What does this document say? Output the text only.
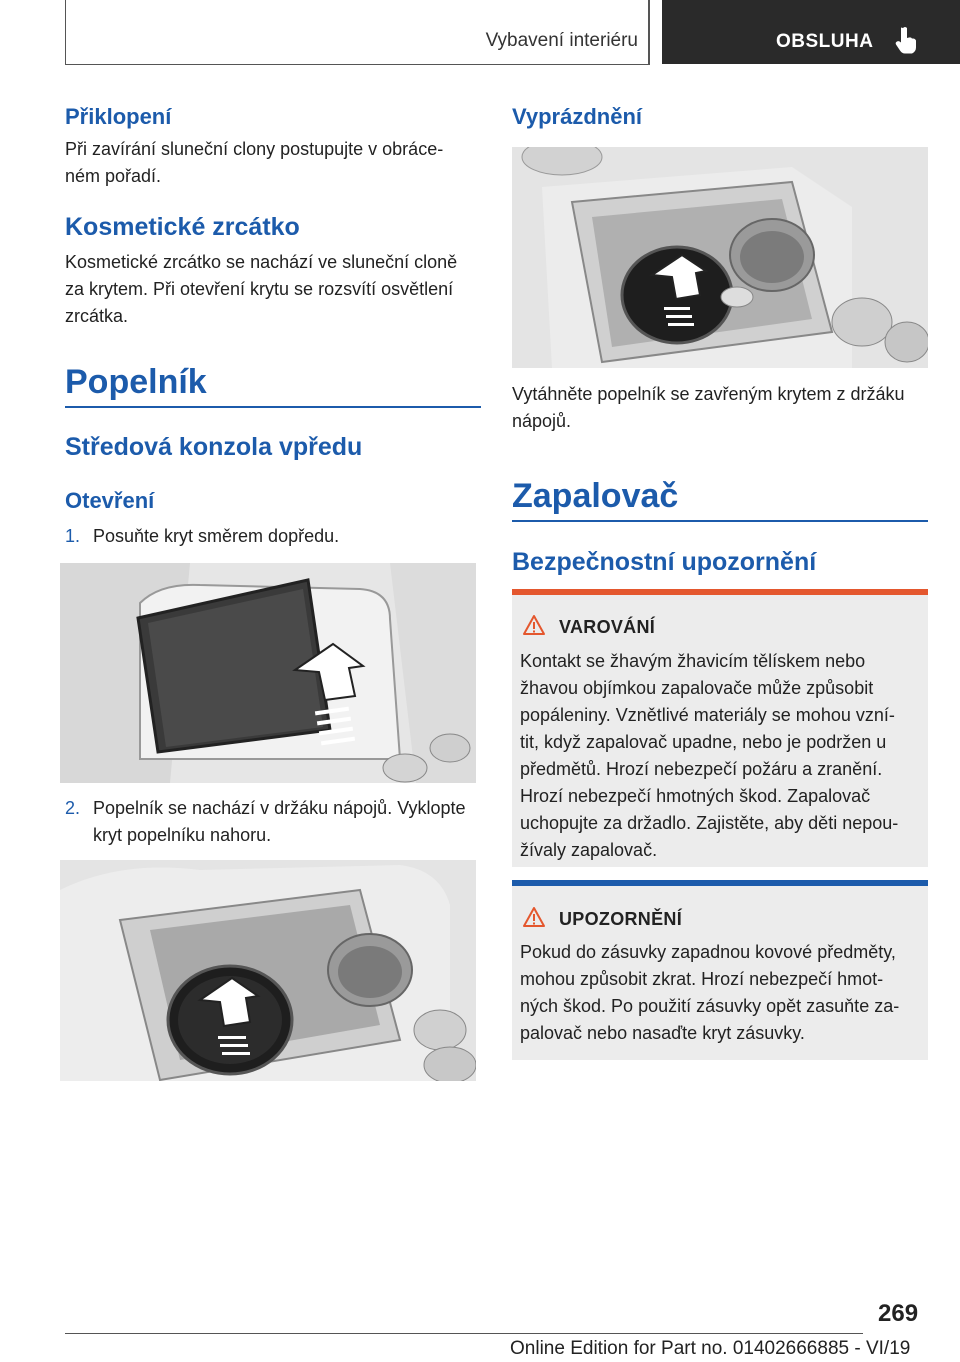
Vybavení interiéru	OBSLUHA
Přiklopení
Při zavírání sluneční clony postupujte v obráce-
ném pořadí.
Kosmetické zrcátko
Kosmetické zrcátko se nachází ve sluneční cloně
za krytem. Při otevření krytu se rozsvítí osvětlení
zrcátka.
Popelník
Středová konzola vpředu
Otevření
1. Posuňte kryt směrem dopředu.
2. Popelník se nachází v držáku nápojů. Vyklopte
kryt popelníku nahoru.
Vyprázdnění
Vytáhněte popelník se zavřeným krytem z držáku
nápojů.
Zapalovač
Bezpečnostní upozornění
VAROVÁNÍ
Kontakt se žhavým žhavicím tělískem nebo
žhavou objímkou zapalovače může způsobit
popáleniny. Vznětlivé materiály se mohou vzní-
tit, když zapalovač upadne, nebo je podržen u
předmětů. Hrozí nebezpečí požáru a zranění.
Hrozí nebezpečí hmotných škod. Zapalovač
uchopujte za držadlo. Zajistěte, aby děti nepou-
žívaly zapalovač.
UPOZORNĚNÍ
Pokud do zásuvky zapadnou kovové předměty,
mohou způsobit zkrat. Hrozí nebezpečí hmot-
ných škod. Po použití zásuvky opět zasuňte za-
palovač nebo nasaďte kryt zásuvky.
269
Online Edition for Part no. 01402666885 - VI/19
